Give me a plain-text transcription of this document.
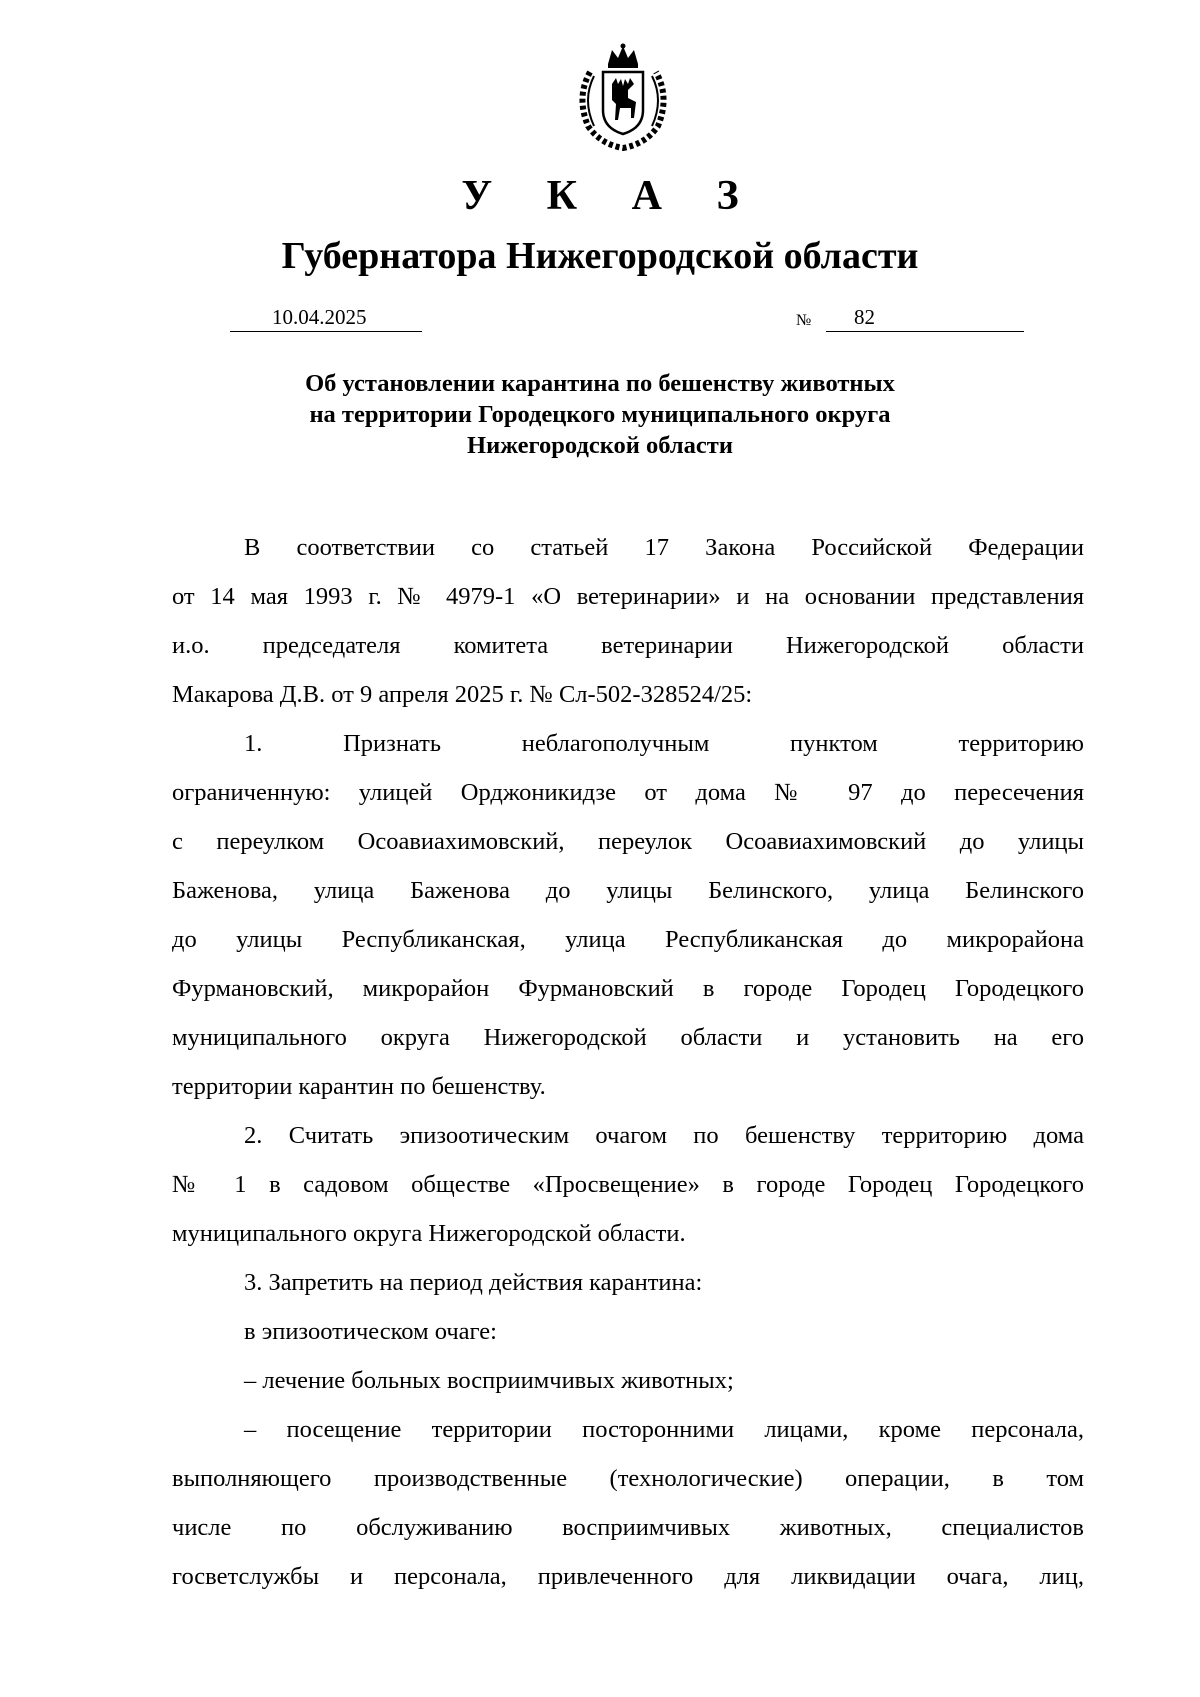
У К А З
Губернатора Нижегородской области
10.04.2025	№ 82
Об установлении карантина по бешенству животных
на территории Городецкого муниципального округа
Нижегородской области

В соответствии со статьей 17 Закона Российской Федерации

от 14 мая 1993 г. № 4979-1 «О ветеринарии» и на основании представления

и.о. председателя комитета ветеринарии Нижегородской области

Макарова Д.В. от 9 апреля 2025 г. № Сл-502-328524/25:

1. Признать неблагополучным пунктом территорию

ограниченную: улицей Орджоникидзе от дома № 97 до пересечения

с переулком Осоавиахимовский, переулок Осоавиахимовский до улицы

Баженова, улица Баженова до улицы Белинского, улица Белинского

до улицы Республиканская, улица Республиканская до микрорайона

Фурмановский, микрорайон Фурмановский в городе Городец Городецкого

муниципального округа Нижегородской области и установить на его

территории карантин по бешенству.

2. Считать эпизоотическим очагом по бешенству территорию дома

№ 1 в садовом обществе «Просвещение» в городе Городец Городецкого

муниципального округа Нижегородской области.

3. Запретить на период действия карантина:

в эпизоотическом очаге:

– лечение больных восприимчивых животных;

– посещение территории посторонними лицами, кроме персонала,

выполняющего производственные (технологические) операции, в том

числе по обслуживанию восприимчивых животных, специалистов

госветслужбы и персонала, привлеченного для ликвидации очага, лиц,
